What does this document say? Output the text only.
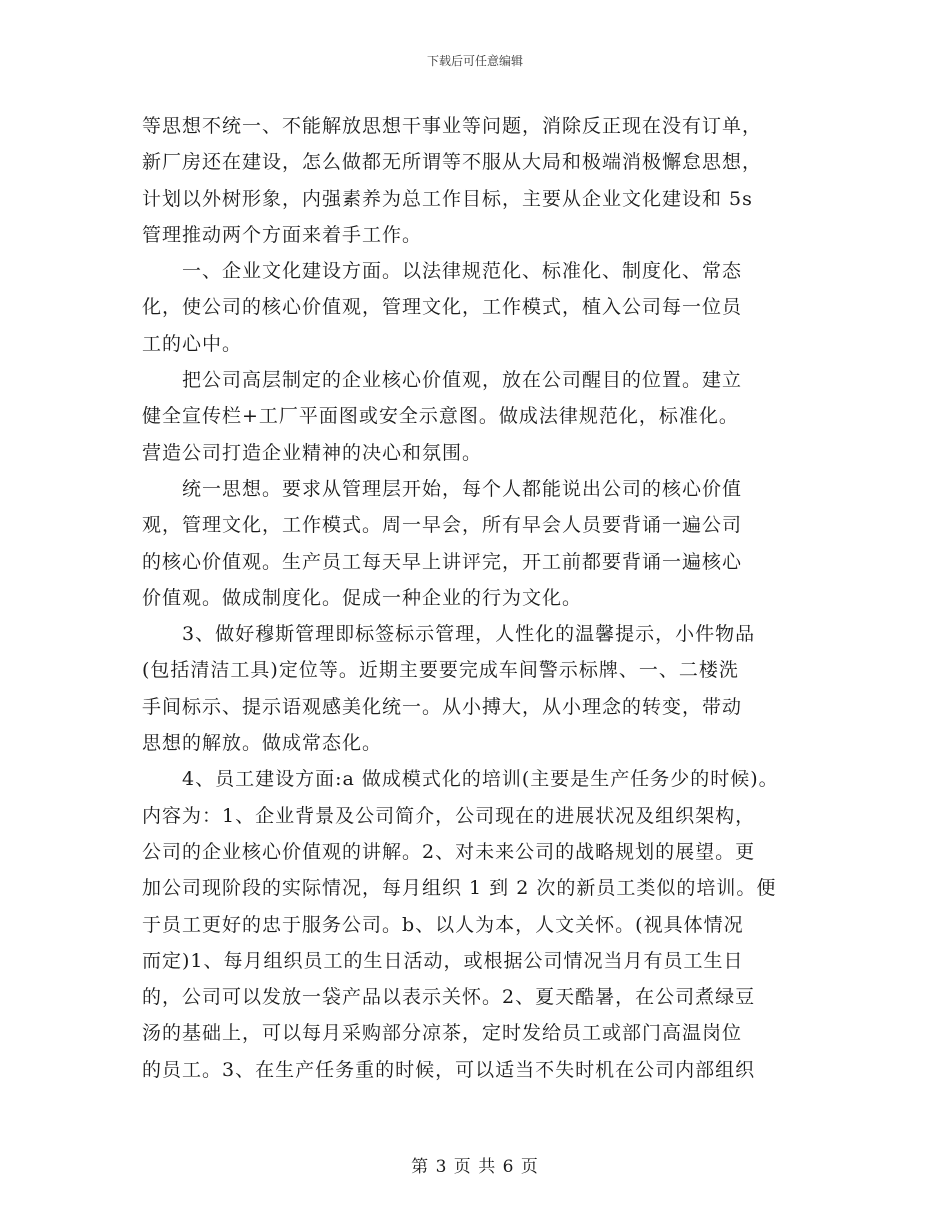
下载后可任意编辑
等思想不统一、不能解放思想干事业等问题，消除反正现在没有订单，
新厂房还在建设，怎么做都无所谓等不服从大局和极端消极懈怠思想，
计划以外树形象，内强素养为总工作目标，主要从企业文化建设和 5s
管理推动两个方面来着手工作。
　　一、企业文化建设方面。以法律规范化、标准化、制度化、常态
化，使公司的核心价值观，管理文化，工作模式，植入公司每一位员
工的心中。
　　把公司高层制定的企业核心价值观，放在公司醒目的位置。建立
健全宣传栏+工厂平面图或安全示意图。做成法律规范化，标准化。
营造公司打造企业精神的决心和氛围。
　　统一思想。要求从管理层开始，每个人都能说出公司的核心价值
观，管理文化，工作模式。周一早会，所有早会人员要背诵一遍公司
的核心价值观。生产员工每天早上讲评完，开工前都要背诵一遍核心
价值观。做成制度化。促成一种企业的行为文化。
　　3、做好穆斯管理即标签标示管理，人性化的温馨提示，小件物品
(包括清洁工具)定位等。近期主要要完成车间警示标牌、一、二楼洗
手间标示、提示语观感美化统一。从小搏大，从小理念的转变，带动
思想的解放。做成常态化。
　　4、员工建设方面:a 做成模式化的培训(主要是生产任务少的时候)。
内容为：1、企业背景及公司简介，公司现在的进展状况及组织架构，
公司的企业核心价值观的讲解。2、对未来公司的战略规划的展望。更
加公司现阶段的实际情况，每月组织 1 到 2 次的新员工类似的培训。便
于员工更好的忠于服务公司。b、以人为本，人文关怀。(视具体情况
而定)1、每月组织员工的生日活动，或根据公司情况当月有员工生日
的，公司可以发放一袋产品以表示关怀。2、夏天酷暑，在公司煮绿豆
汤的基础上，可以每月采购部分凉茶，定时发给员工或部门高温岗位
的员工。3、在生产任务重的时候，可以适当不失时机在公司内部组织
第 3 页 共 6 页
